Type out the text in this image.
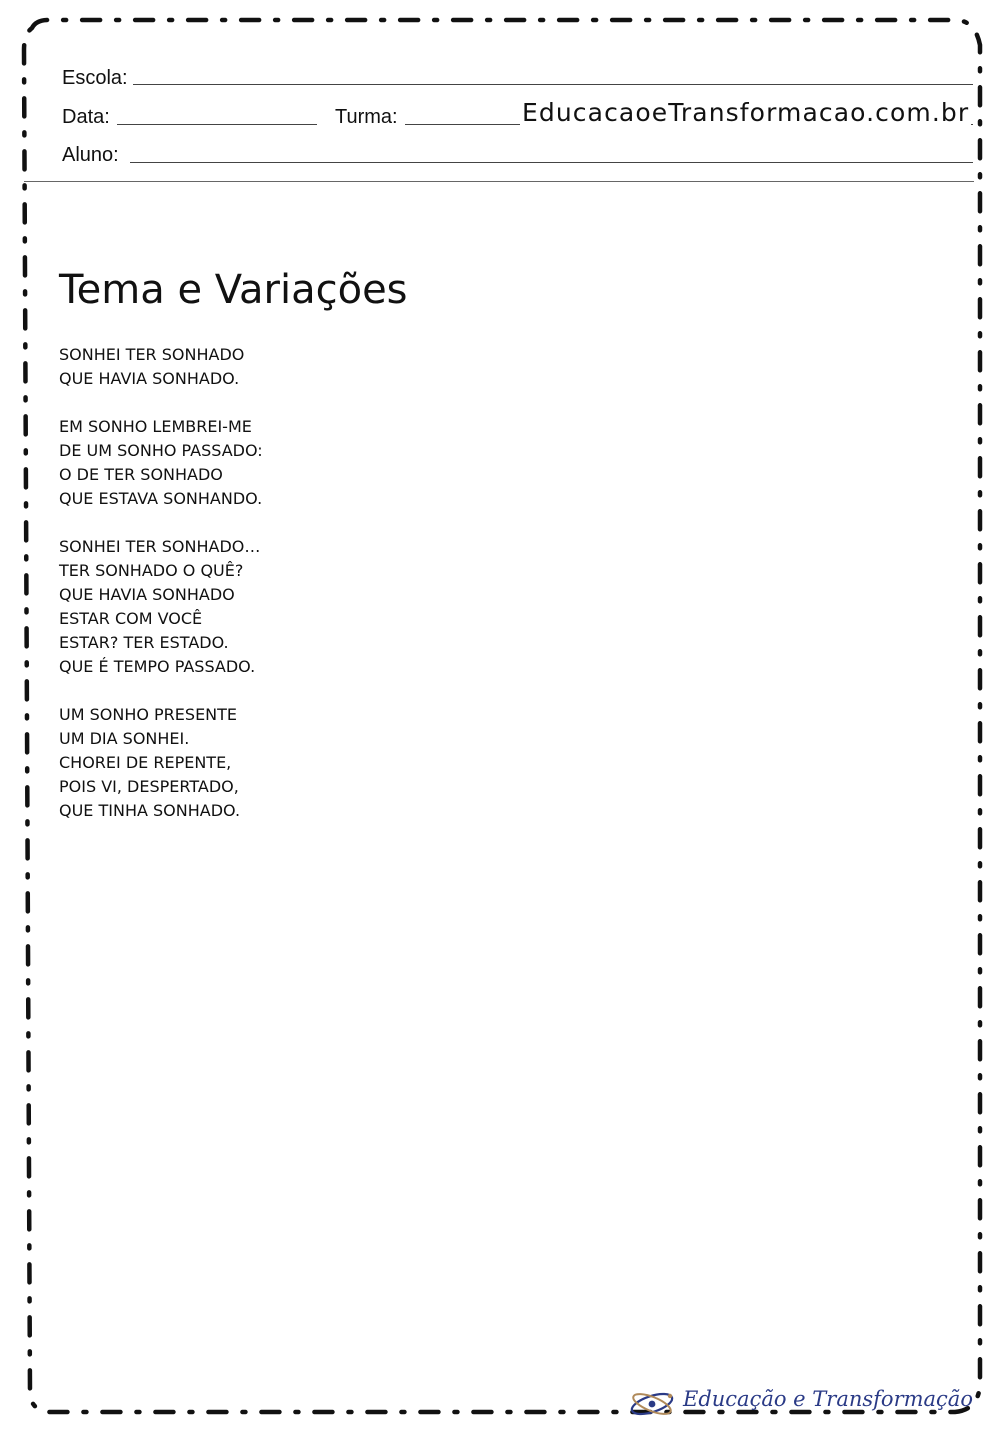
Escola:
Data:	Turma:	EducacaoeTransformacao.com.br
Aluno:
Tema e Variações
SONHEI TER SONHADO
QUE HAVIA SONHADO.
EM SONHO LEMBREI-ME
DE UM SONHO PASSADO:
O DE TER SONHADO
QUE ESTAVA SONHANDO.
SONHEI TER SONHADO…
TER SONHADO O QUÊ?
QUE HAVIA SONHADO
ESTAR COM VOCÊ
ESTAR? TER ESTADO.
QUE É TEMPO PASSADO.
UM SONHO PRESENTE
UM DIA SONHEI.
CHOREI DE REPENTE,
POIS VI, DESPERTADO,
QUE TINHA SONHADO.
Educação e Transformação
